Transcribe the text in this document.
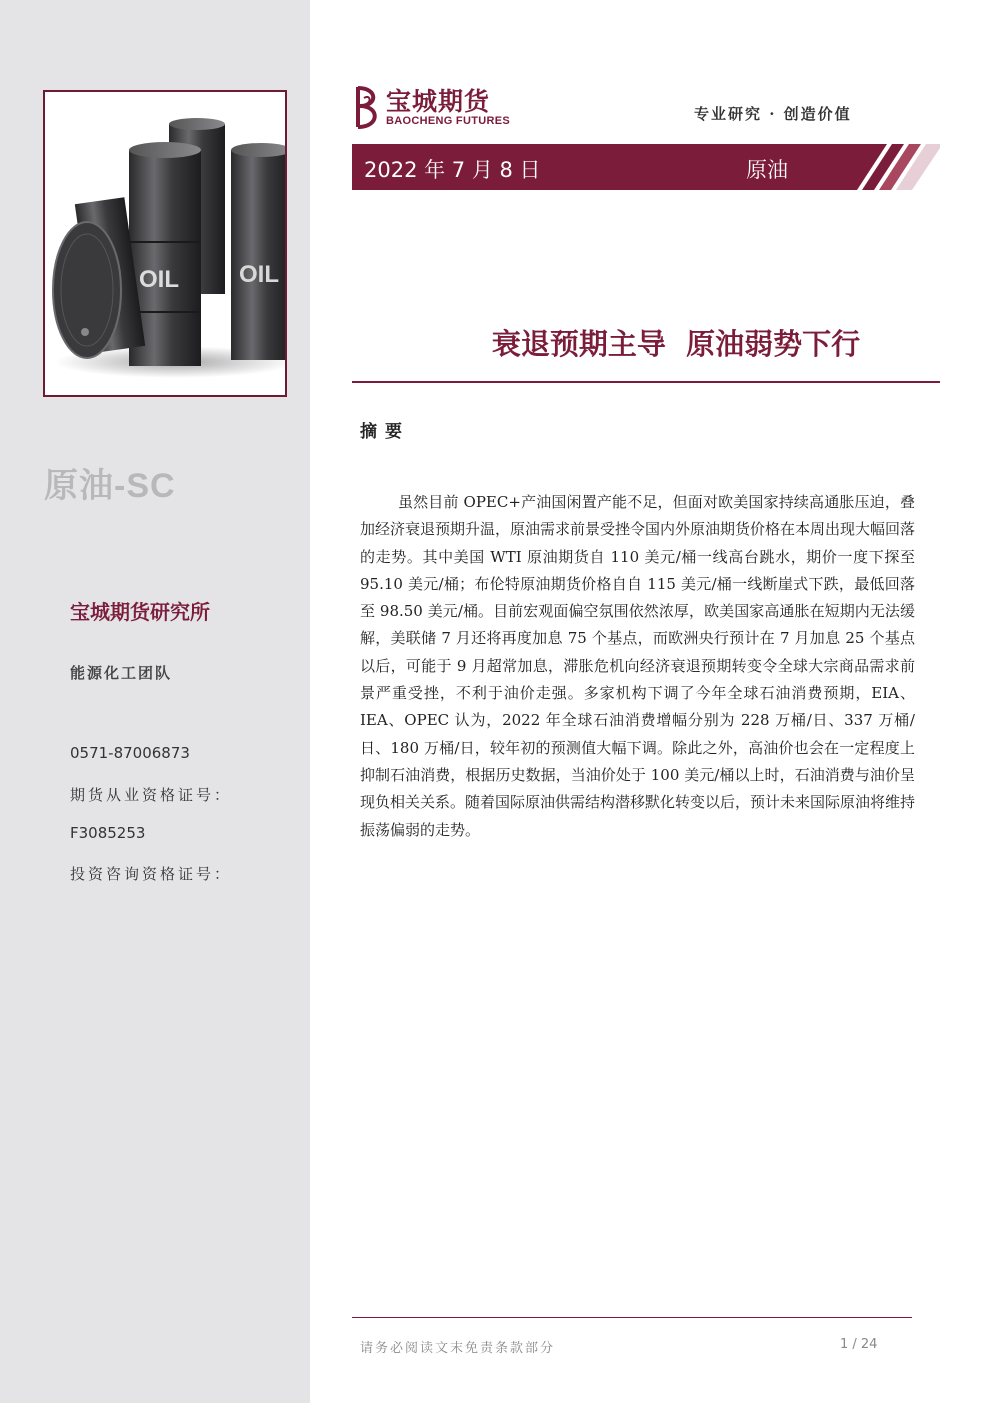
OIL
OIL
原油-SC
宝城期货研究所
能源化工团队
0571-87006873
期货从业资格证号：
F3085253
投资咨询资格证号：
宝城期货
BAOCHENG FUTURES	专业研究 · 创造价值
2022 年 7 月 8 日	原油
衰退预期主导  原油弱势下行
摘要
虽然目前 OPEC+产油国闲置产能不足，但面对欧美国家持续高通胀压迫，叠加经济衰退预期升温，原油需求前景受挫令国内外原油期货价格在本周出现大幅回落的走势。其中美国 WTI 原油期货自 110 美元/桶一线高台跳水，期价一度下探至 95.10 美元/桶；布伦特原油期货价格自自 115 美元/桶一线断崖式下跌，最低回落至 98.50 美元/桶。目前宏观面偏空氛围依然浓厚，欧美国家高通胀在短期内无法缓解，美联储 7 月还将再度加息 75 个基点，而欧洲央行预计在 7 月加息 25 个基点以后，可能于 9 月超常加息，滞胀危机向经济衰退预期转变令全球大宗商品需求前景严重受挫，不利于油价走强。多家机构下调了今年全球石油消费预期，EIA、IEA、OPEC 认为，2022 年全球石油消费增幅分别为 228 万桶/日、337 万桶/日、180 万桶/日，较年初的预测值大幅下调。除此之外，高油价也会在一定程度上抑制石油消费，根据历史数据，当油价处于 100 美元/桶以上时，石油消费与油价呈现负相关关系。随着国际原油供需结构潜移默化转变以后，预计未来国际原油将维持振荡偏弱的走势。
请务必阅读文末免责条款部分	1 / 24
